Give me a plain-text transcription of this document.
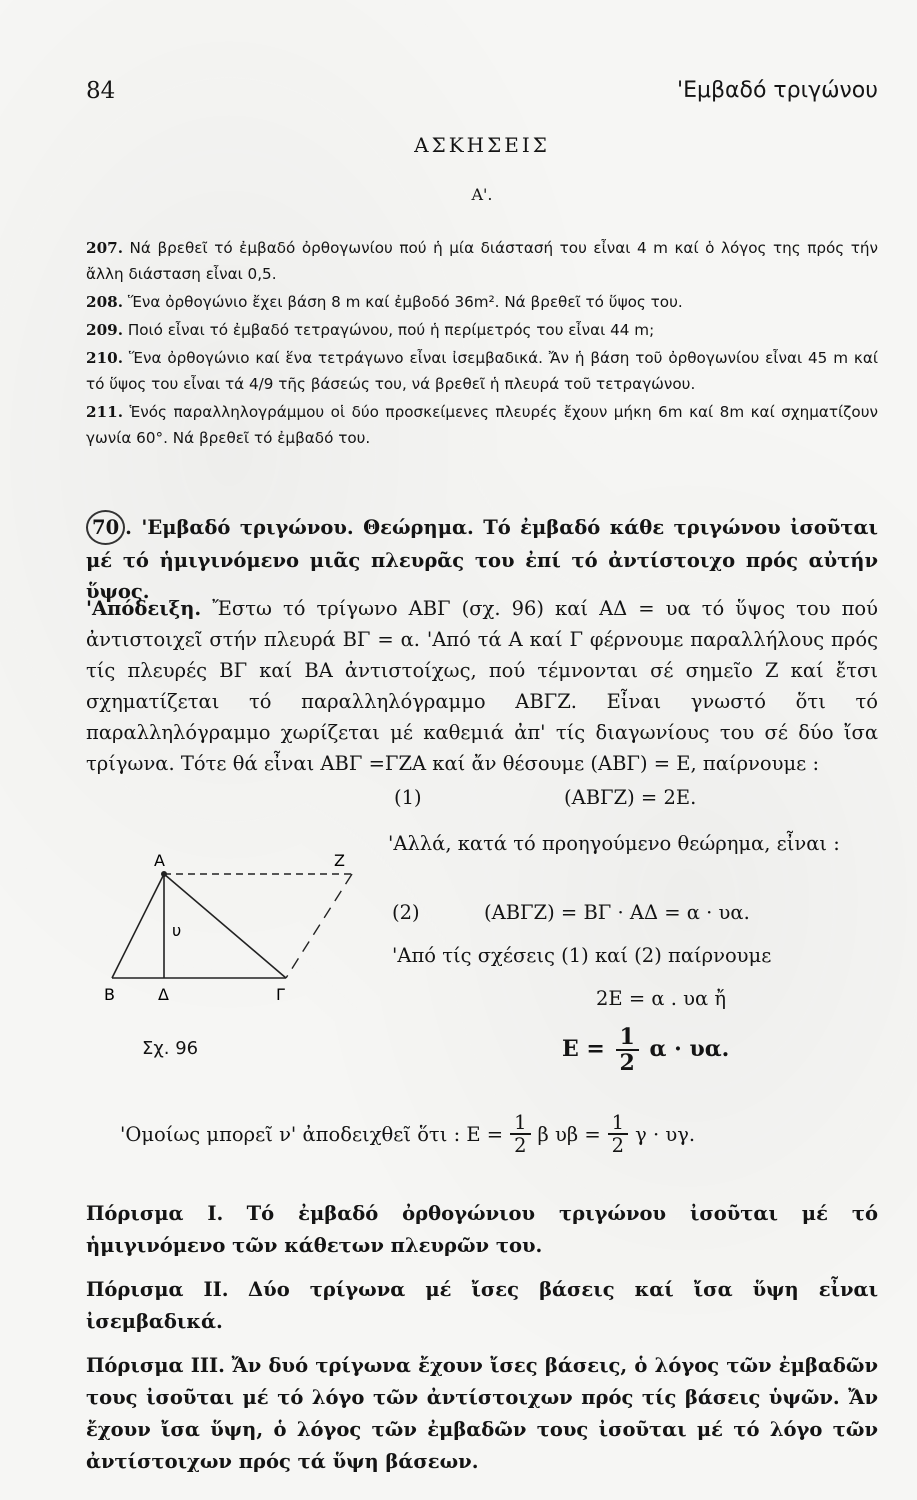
84	'Εμβαδό τριγώνου
ΑΣΚΗΣΕΙΣ
Α'.
207. Νά βρεθεῖ τό ἐμβαδό ὀρθογωνίου πού ἡ μία διάστασή του εἶναι 4 m καί ὁ λόγος της πρός τήν ἄλλη διάσταση εἶναι 0,5.
208. Ἕνα ὀρθογώνιο ἔχει βάση 8 m καί ἐμβοδό 36m². Νά βρεθεῖ τό ὕψος του.
209. Ποιό εἶναι τό ἐμβαδό τετραγώνου, πού ἡ περίμετρός του εἶναι 44 m;
210. Ἕνα ὀρθογώνιο καί ἕνα τετράγωνο εἶναι ἰσεμβαδικά. Ἄν ἡ βάση τοῦ ὀρθογωνίου εἶναι 45 m καί τό ὕψος του εἶναι τά 4/9 τῆς βάσεώς του, νά βρεθεῖ ἡ πλευρά τοῦ τετραγώνου.
211. Ἑνός παραλληλογράμμου οἱ δύο προσκείμενες πλευρές ἔχουν μήκη 6m καί 8m καί σχηματίζουν γωνία 60°. Νά βρεθεῖ τό ἐμβαδό του.
70 . 'Εμβαδό τριγώνου. Θεώρημα. Τό ἐμβαδό κάθε τριγώνου ἰσοῦται μέ τό ἡμιγινόμενο μιᾶς πλευρᾶς του ἐπί τό ἀντίστοιχο πρός αὐτήν ὕψος.
'Απόδειξη. Ἔστω τό τρίγωνο ΑΒΓ (σχ. 96) καί ΑΔ = υα τό ὕψος του πού ἀντιστοιχεῖ στήν πλευρά ΒΓ = α. 'Από τά Α καί Γ φέρνουμε παραλλήλους πρός τίς πλευρές ΒΓ καί ΒΑ ἀντιστοίχως, πού τέμνονται σέ σημεῖο Ζ καί ἔτσι σχηματίζεται τό παραλληλόγραμμο ΑΒΓΖ. Εἶναι γνωστό ὅτι τό παραλληλόγραμμο χωρίζεται μέ καθεμιά ἀπ' τίς διαγωνίους του σέ δύο ἴσα τρίγωνα. Τότε θά εἶναι ΑΒΓ =ΓΖΑ καί ἄν θέσουμε (ΑΒΓ) = Ε, παίρνουμε :
(1)	(ΑΒΓΖ) = 2Ε.
'Αλλά, κατά τό προηγούμενο θεώρημα, εἶναι :
(2)	(ΑΒΓΖ) = ΒΓ · ΑΔ = α · υα.
'Από τίς σχέσεις (1) καί (2) παίρνουμε
2Ε = α . υα ἤ
$E = \frac{1}{2}$ α · υα.
Α	Ζ
Β	Δ	Γ
υ
Σχ. 96
'Ομοίως μπορεῖ ν' ἀποδειχθεῖ ὅτι : $E = \frac{1}{2}$ β $\upsilon\beta = \frac{1}{2}$ γ · υγ.
Πόρισμα Ι. Τό ἐμβαδό ὀρθογώνιου τριγώνου ἰσοῦται μέ τό ἡμιγινόμενο τῶν κάθετων πλευρῶν του.
Πόρισμα ΙΙ. Δύο τρίγωνα μέ ἴσες βάσεις καί ἴσα ὕψη εἶναι ἰσεμβαδικά.
Πόρισμα ΙΙΙ. Ἄν δυό τρίγωνα ἔχουν ἴσες βάσεις, ὁ λόγος τῶν ἐμβαδῶν τους ἰσοῦται μέ τό λόγο τῶν ἀντίστοιχων πρός τίς βάσεις ὑψῶν. Ἄν ἔχουν ἴσα ὕψη, ὁ λόγος τῶν ἐμβαδῶν τους ἰσοῦται μέ τό λόγο τῶν ἀντίστοιχων πρός τά ὕψη βάσεων.
